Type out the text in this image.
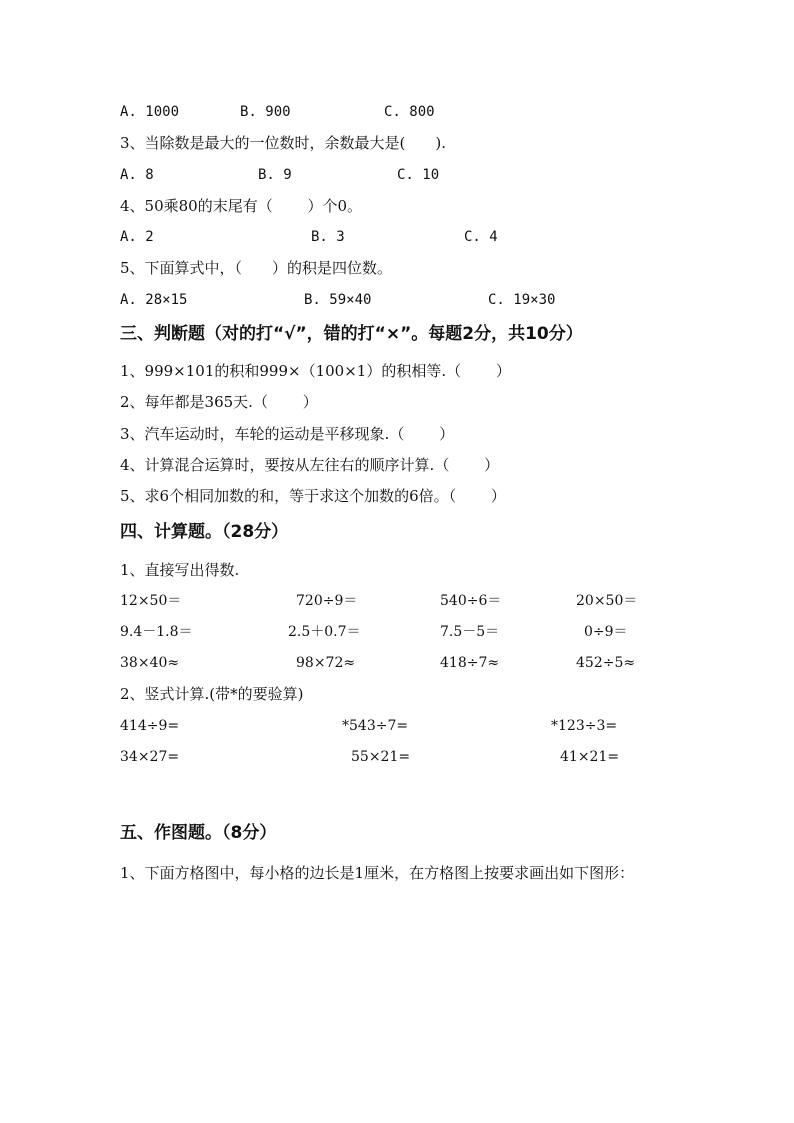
A. 1000	B. 900	C. 800
3、当除数是最大的一位数时，余数最大是(　　).
A. 8	B. 9	C. 10
4、50乘80的末尾有（　　 ）个0。
A. 2	B. 3	C. 4
5、下面算式中，（　　）的积是四位数。
A. 28×15	B. 59×40	C. 19×30
三、判断题（对的打“√”，错的打“×”。每题2分，共10分）
1、999×101的积和999×（100×1）的积相等.（　　 ）
2、每年都是365天.（　　 ）
3、汽车运动时，车轮的运动是平移现象.（　　 ）
4、计算混合运算时，要按从左往右的顺序计算.（　　 ）
5、求6个相同加数的和，等于求这个加数的6倍。（　　 ）
四、计算题。（28分）
1、直接写出得数.
12×50＝	720÷9＝	540÷6＝	20×50＝
9.4－1.8＝	2.5＋0.7＝	7.5－5＝	0÷9＝
38×40≈	98×72≈	418÷7≈	452÷5≈
2、竖式计算.(带*的要验算)
414÷9=	*543÷7=	*123÷3=
34×27=	55×21=	41×21=
五、作图题。（8分）
1、下面方格图中，每小格的边长是1厘米，在方格图上按要求画出如下图形：
